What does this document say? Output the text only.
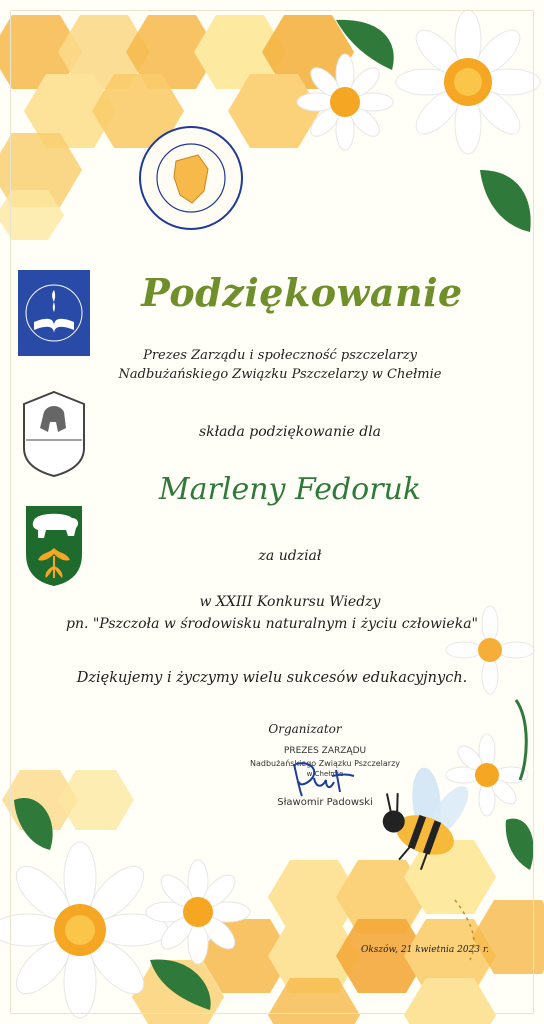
Podziękowanie
Prezes Zarządu i społeczność pszczelarzy
Nadbużańskiego Związku Pszczelarzy w Chełmie
składa podziękowanie dla
Marleny Fedoruk
za udział
w XXIII Konkursu Wiedzy
pn. "Pszczoła w środowisku naturalnym i życiu człowieka"
Dziękujemy i życzymy wielu sukcesów edukacyjnych.
Organizator
PREZES ZARZĄDU
Nadbużańskiego Związku Pszczelarzy
w Chełmie
Sławomir Padowski
Okszów, 21 kwietnia 2023 r.
